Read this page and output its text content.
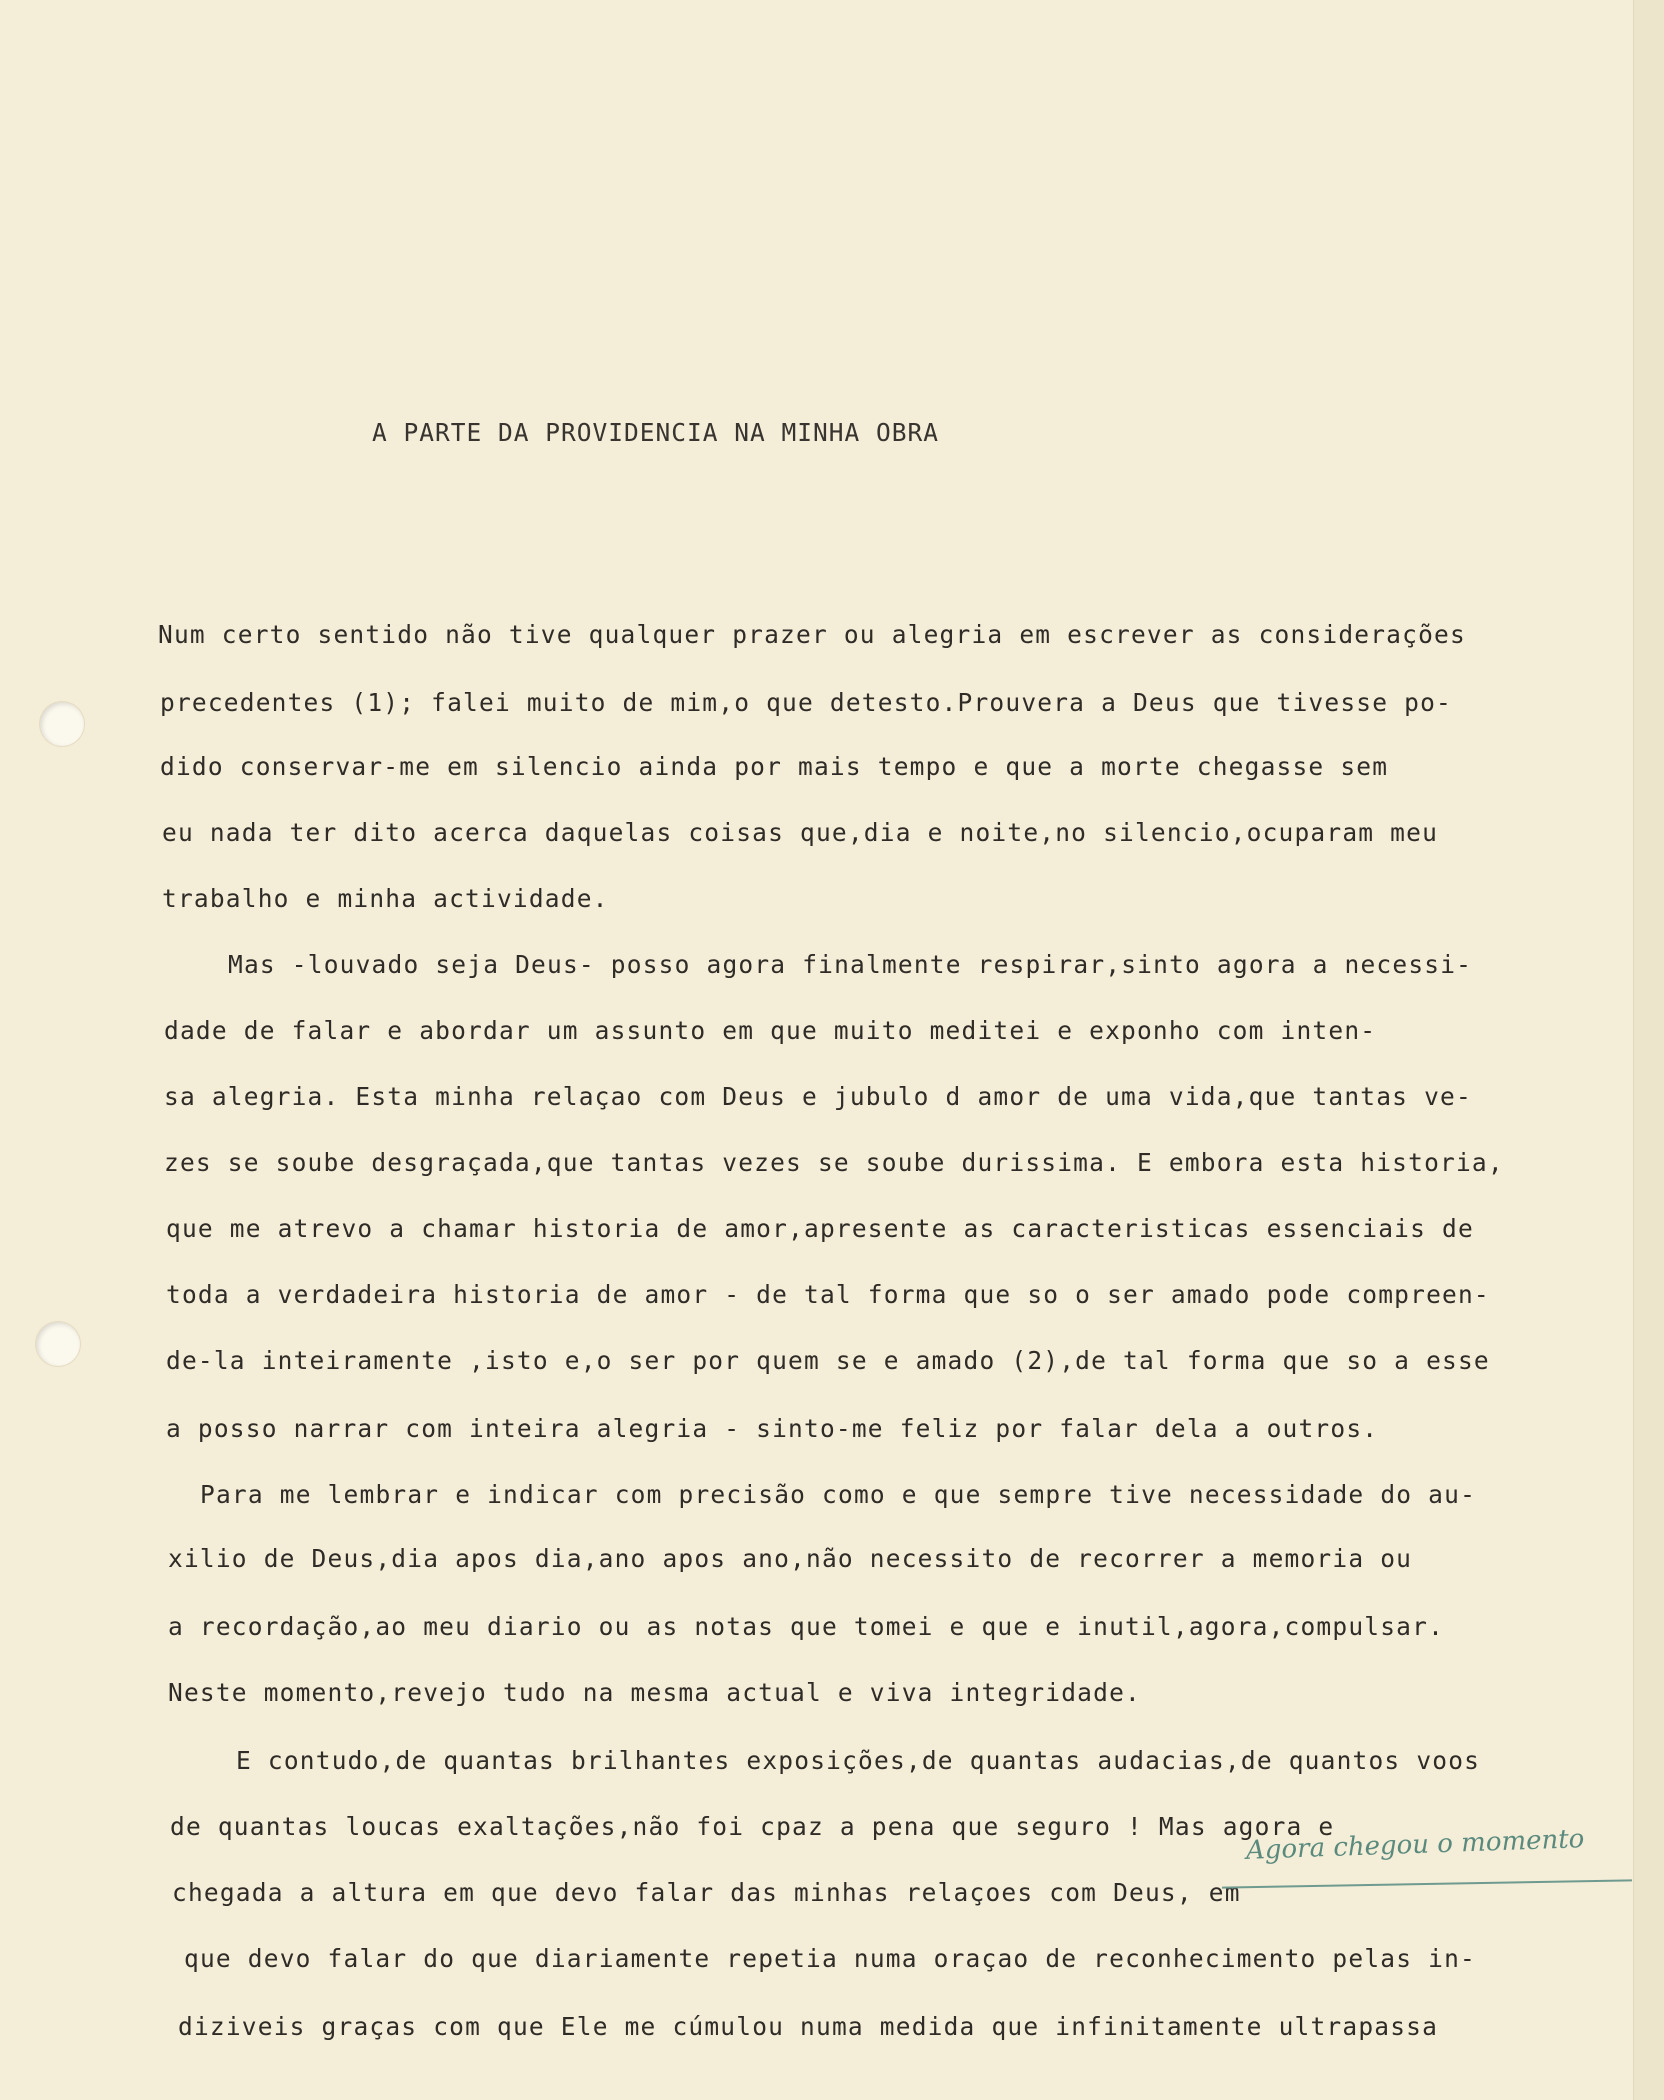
A PARTE DA PROVIDENCIA NA MINHA OBRA
Num certo sentido não tive qualquer prazer ou alegria em escrever as considerações
precedentes (1); falei muito de mim,o que detesto.Prouvera a Deus que tivesse po-
dido conservar-me em silencio ainda por mais tempo e que a morte chegasse sem
eu nada ter dito acerca daquelas coisas que,dia e noite,no silencio,ocuparam meu
trabalho e minha actividade.
Mas -louvado seja Deus- posso agora finalmente respirar,sinto agora a necessi-
dade de falar e abordar um assunto em que muito meditei e exponho com inten-
sa alegria. Esta minha relaçao com Deus e jubulo d amor de uma vida,que tantas ve-
zes se soube desgraçada,que tantas vezes se soube durissima. E embora esta historia,
que me atrevo a chamar historia de amor,apresente as caracteristicas essenciais de
toda a verdadeira historia de amor - de tal forma que so o ser amado pode compreen-
de-la inteiramente ,isto e,o ser por quem se e amado (2),de tal forma que so a esse
a posso narrar com inteira alegria - sinto-me feliz por falar dela a outros.
Para me lembrar e indicar com precisão como e que sempre tive necessidade do au-
xilio de Deus,dia apos dia,ano apos ano,não necessito de recorrer a memoria ou
a recordação,ao meu diario ou as notas que tomei e que e inutil,agora,compulsar.
Neste momento,revejo tudo na mesma actual e viva integridade.
E contudo,de quantas brilhantes exposições,de quantas audacias,de quantos voos
de quantas loucas exaltações,não foi cpaz a pena que seguro ! Mas agora e
chegada a altura em que devo falar das minhas relaçoes com Deus, em
que devo falar do que diariamente repetia numa oraçao de reconhecimento pelas in-
diziveis graças com que Ele me cúmulou numa medida que infinitamente ultrapassa
Agora chegou o momento
